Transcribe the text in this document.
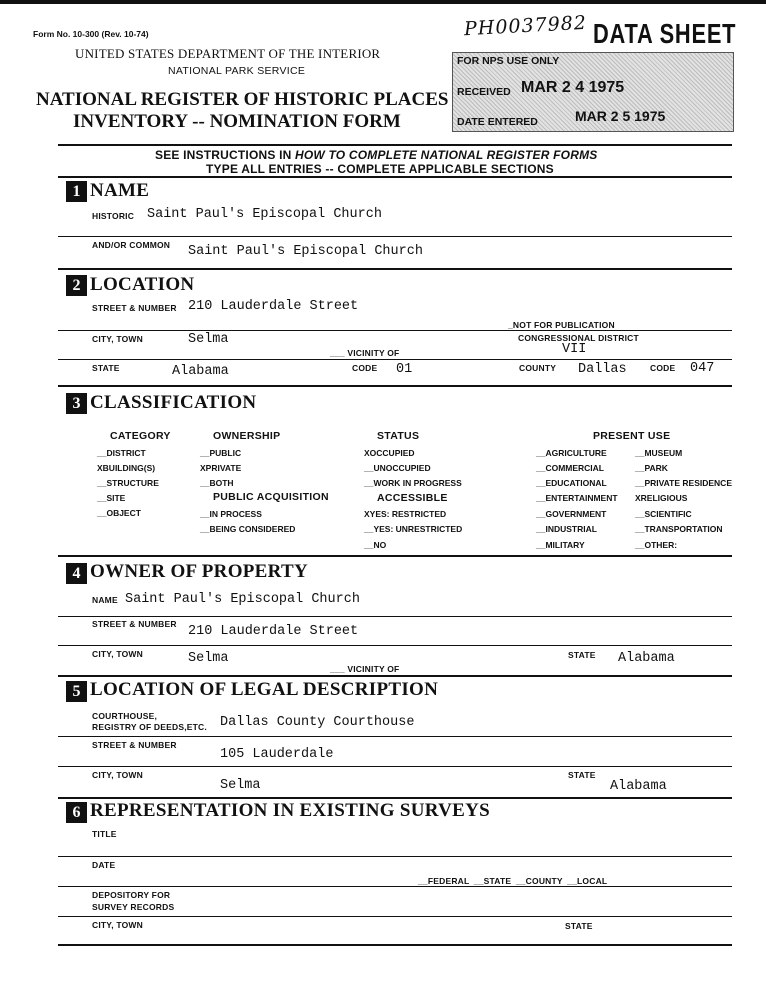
Form No. 10-300 (Rev. 10-74)
UNITED STATES DEPARTMENT OF THE INTERIOR
NATIONAL PARK SERVICE
NATIONAL REGISTER OF HISTORIC PLACES
INVENTORY -- NOMINATION FORM
PH0037982 DATA SHEET
FOR NPS USE ONLY
RECEIVED MAR 2 4 1975
DATE ENTERED	MAR 2 5 1975
SEE INSTRUCTIONS IN HOW TO COMPLETE NATIONAL REGISTER FORMS
TYPE ALL ENTRIES -- COMPLETE APPLICABLE SECTIONS
1 NAME
HISTORIC Saint Paul's Episcopal Church
AND/OR COMMON Saint Paul's Episcopal Church
2 LOCATION
STREET & NUMBER 210 Lauderdale Street
_NOT FOR PUBLICATION
CITY, TOWN	Selma
___ VICINITY OF
CONGRESSIONAL DISTRICT
VII
STATE	Alabama	CODE 01	COUNTY Dallas	CODE 047
3 CLASSIFICATION
CATEGORY
__DISTRICT
XBUILDING(S)
__STRUCTURE
__SITE
__OBJECT
OWNERSHIP
__PUBLIC
XPRIVATE
__BOTH
PUBLIC ACQUISITION
__IN PROCESS
__BEING CONSIDERED
STATUS
XOCCUPIED
__UNOCCUPIED
__WORK IN PROGRESS
ACCESSIBLE
XYES: RESTRICTED
__YES: UNRESTRICTED
__NO
PRESENT USE
__AGRICULTURE
__COMMERCIAL
__EDUCATIONAL
__ENTERTAINMENT
__GOVERNMENT
__INDUSTRIAL
__MILITARY
__MUSEUM
__PARK
__PRIVATE RESIDENCE
XRELIGIOUS
__SCIENTIFIC
__TRANSPORTATION
__OTHER:
4 OWNER OF PROPERTY
NAME Saint Paul's Episcopal Church
STREET & NUMBER 210 Lauderdale Street
CITY, TOWN	Selma
___ VICINITY OF
STATE Alabama
5 LOCATION OF LEGAL DESCRIPTION
COURTHOUSE,
REGISTRY OF DEEDS,ETC. Dallas County Courthouse
STREET & NUMBER
105 Lauderdale
CITY, TOWN
Selma
STATE
Alabama
6 REPRESENTATION IN EXISTING SURVEYS
TITLE
DATE
__FEDERAL __STATE __COUNTY __LOCAL
DEPOSITORY FOR
SURVEY RECORDS
CITY, TOWN	STATE
